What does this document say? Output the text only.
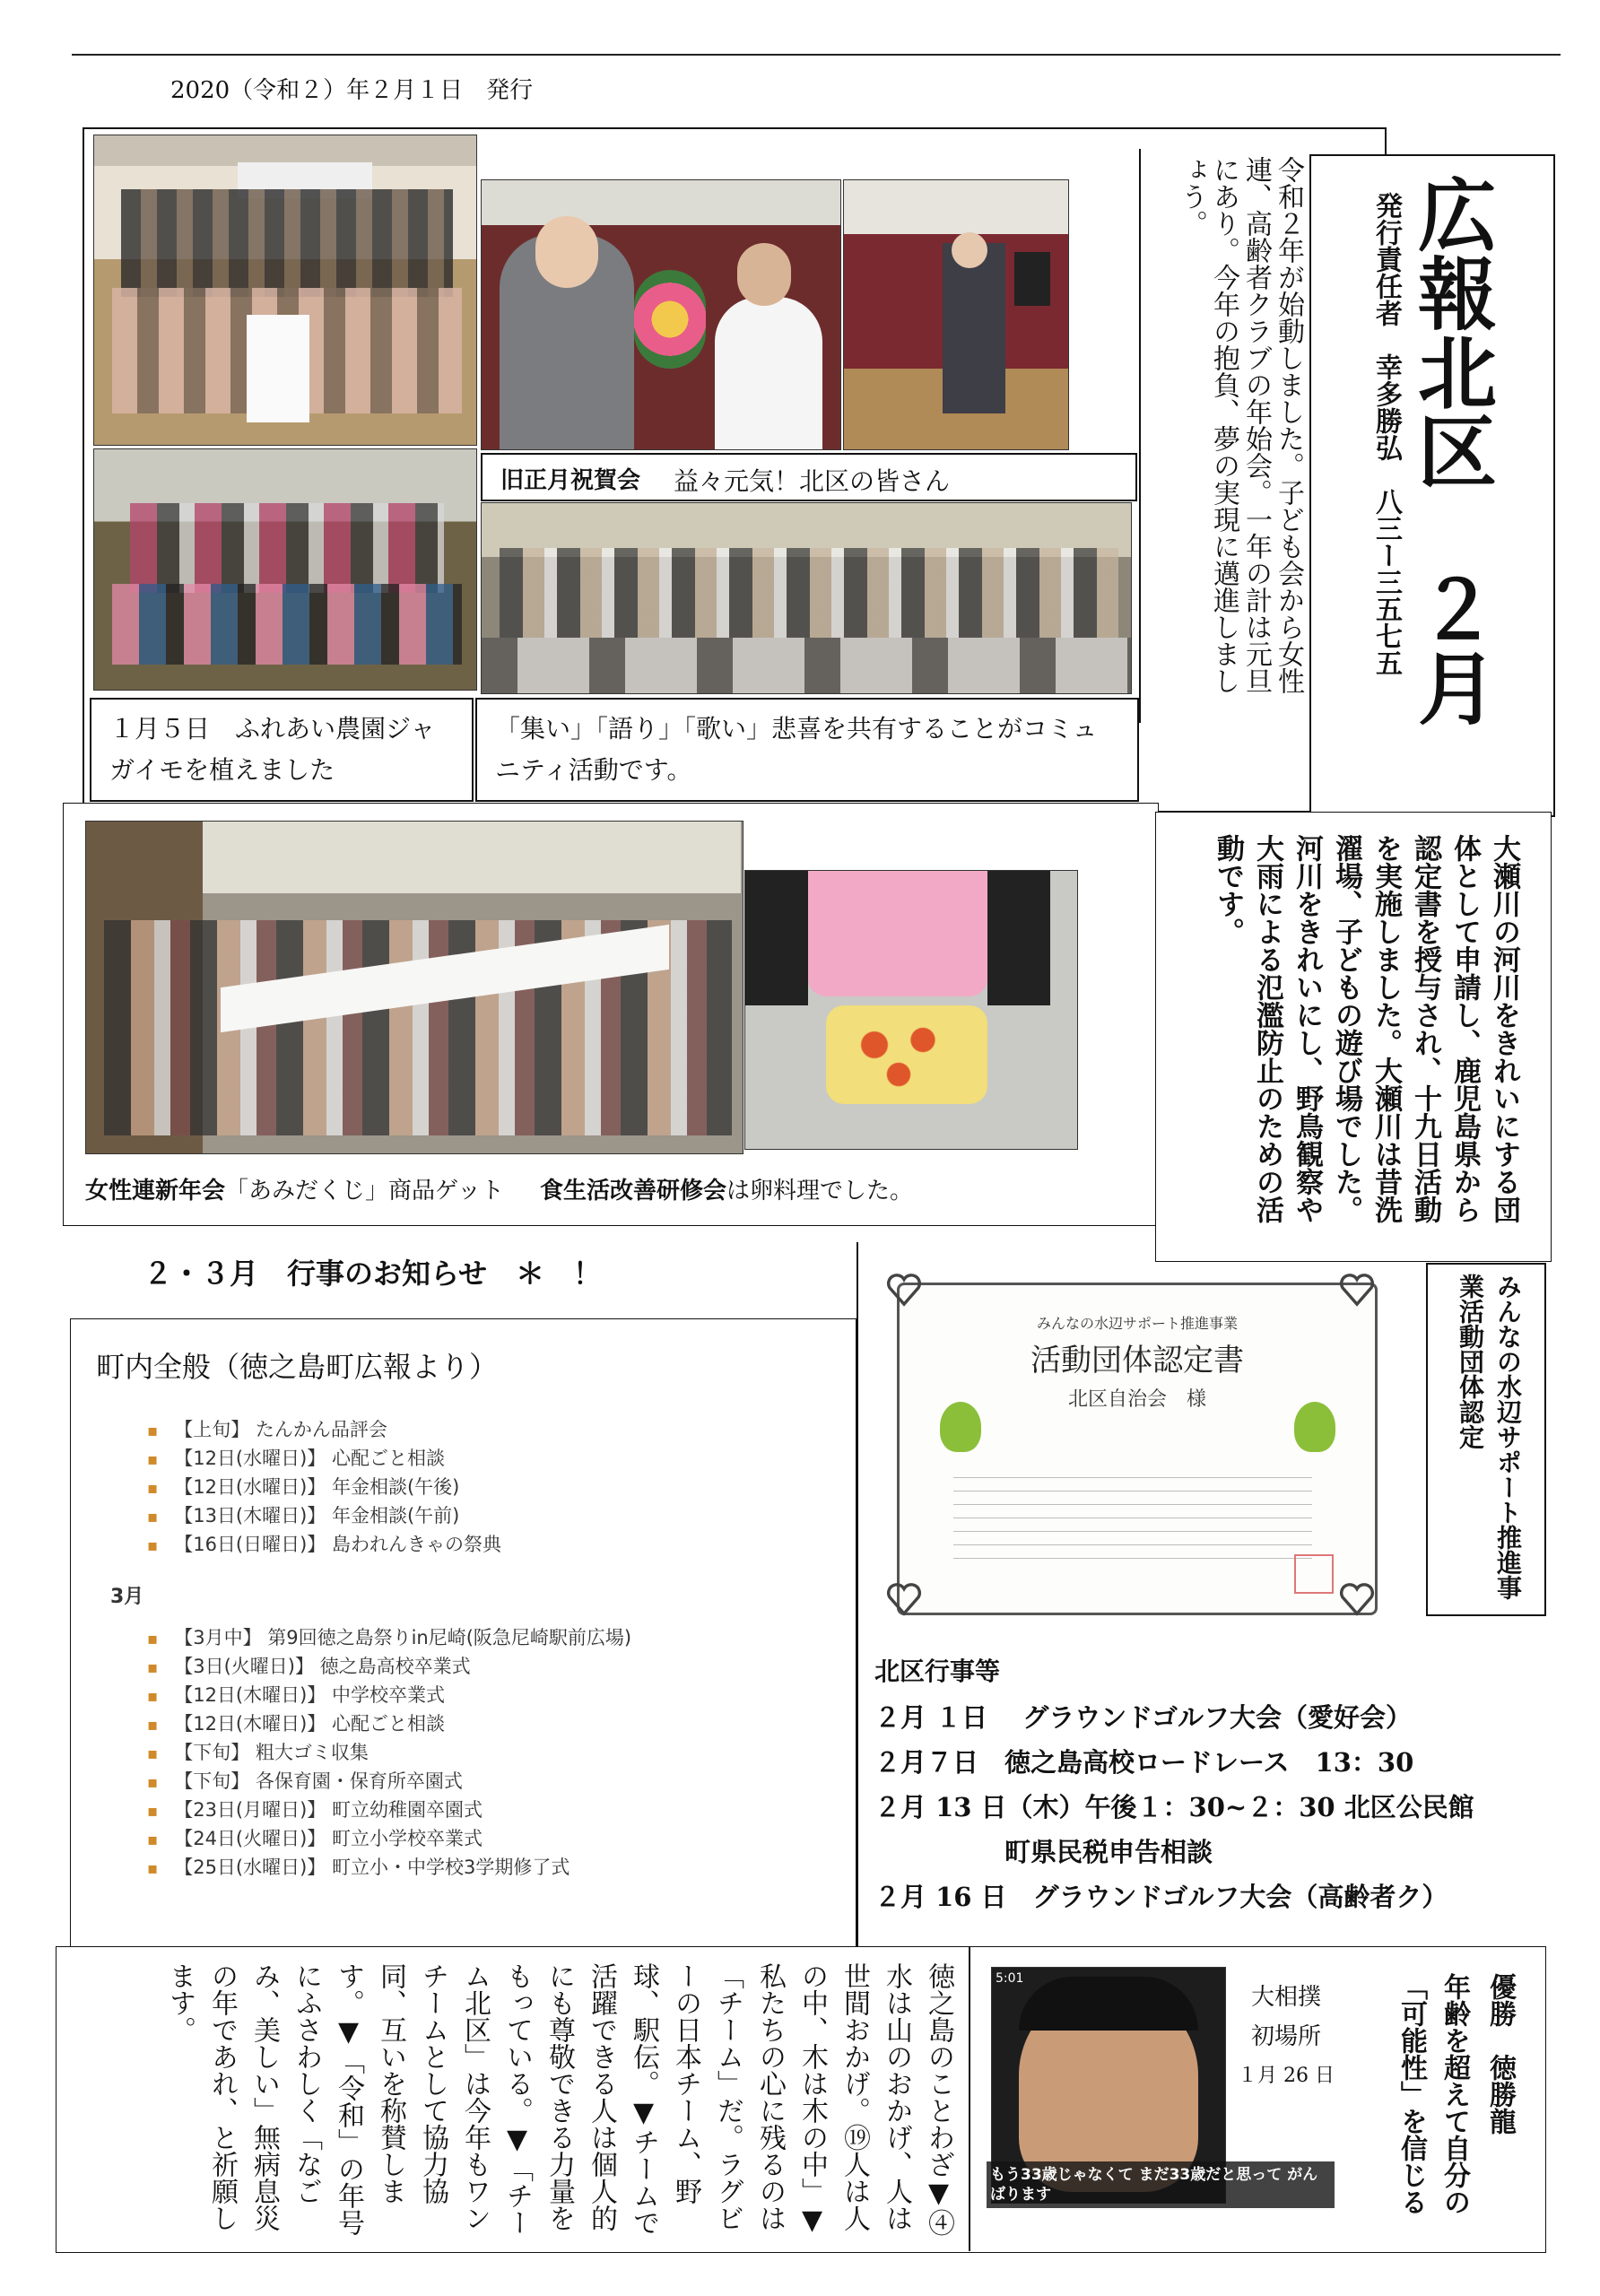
2020（令和２）年２月１日　発行
旧正月祝賀会 　益々元気！北区の皆さん
１月５日　ふれあい農園ジャガイモを植えました
「集い」「語り」「歌い」悲喜を共有することがコミュニティ活動です。
令和２年が始動しました。子ども会から女性連、高齢者クラブの年始会。一年の計は元旦にあり。今年の抱負、夢の実現に邁進しましょう。	広報北区　２月
発行責任者　幸多勝弘　八三ー三五七五
女性連新年会「あみだくじ」商品ゲット 食生活改善研修会は卵料理でした。	大瀬川の河川をきれいにする団体として申請し、鹿児島県から認定書を授与され、十九日活動を実施しました。大瀬川は昔洗濯場、子どもの遊び場でした。河川をきれいにし、野鳥観察や大雨による氾濫防止のための活動です。
２・３月　行事のお知らせ　＊　！
町内全般（徳之島町広報より）
▪ 【上旬】 たんかん品評会
▪ 【12日(水曜日)】 心配ごと相談
▪ 【12日(水曜日)】 年金相談(午後)
▪ 【13日(木曜日)】 年金相談(午前)
▪ 【16日(日曜日)】 島われんきゃの祭典
3月
▪ 【3月中】 第9回徳之島祭りin尼崎(阪急尼崎駅前広場)
▪ 【3日(火曜日)】 徳之島高校卒業式
▪ 【12日(木曜日)】 中学校卒業式
▪ 【12日(木曜日)】 心配ごと相談
▪ 【下旬】 粗大ゴミ収集
▪ 【下旬】 各保育園・保育所卒園式
▪ 【23日(月曜日)】 町立幼稚園卒園式
▪ 【24日(火曜日)】 町立小学校卒業式
▪ 【25日(水曜日)】 町立小・中学校3学期修了式
みんなの水辺サポート推進事業
活動団体認定書
北区自治会　様	みんなの水辺サポート推進事業活動団体認定
北区行事等
２月 １日　 グラウンドゴルフ大会（愛好会）
２月７日　徳之島高校ロードレース　13：30
２月 13 日（木）午後１：30~２：30 北区公民館
　　　　　町県民税申告相談
２月 16 日　グラウンドゴルフ大会（高齢者ク）
徳之島のことわざ▼④水は山のおかげ、人は世間おかげ。⑲人は人の中、木は木の中」▼私たちの心に残るのは「チーム」だ。ラグビーの日本チーム、野球、駅伝。▼チームで活躍できる人は個人的にも尊敬できる力量をもっている。▼「チーム北区」は今年もワンチームとして協力協同、互いを称賛します。▼「令和」の年号にふさわしく「なごみ、美しい」無病息災の年であれ、と祈願します。	5:01
もう33歳じゃなくて まだ33歳だと思って がんばります
大相撲
初場所
１月 26 日	優勝　徳勝龍
年齢を超えて自分の「可能性」を信じる
